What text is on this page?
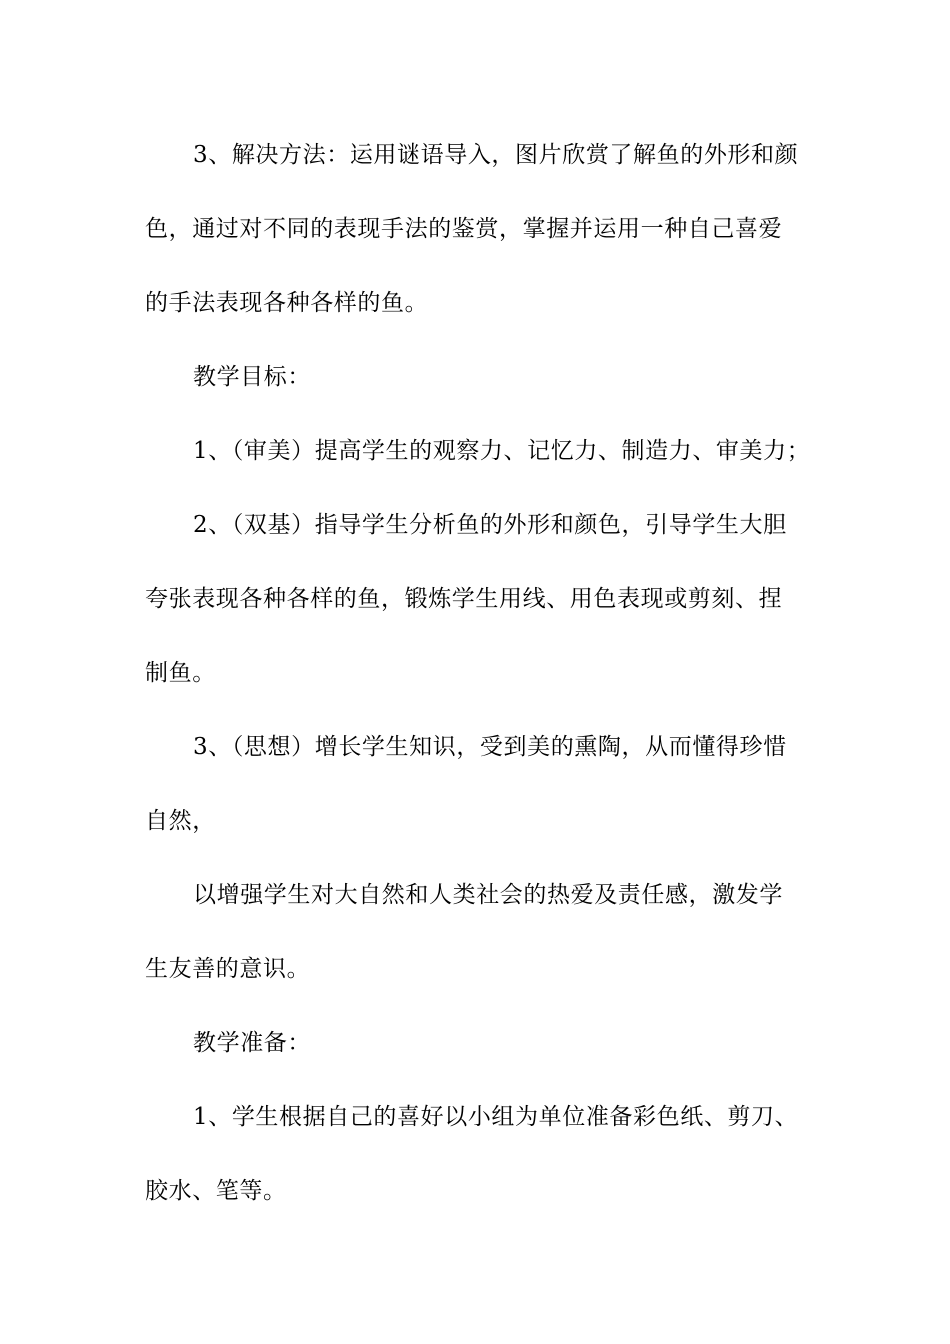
3、解决方法：运用谜语导入，图片欣赏了解鱼的外形和颜
色，通过对不同的表现手法的鉴赏，掌握并运用一种自己喜爱
的手法表现各种各样的鱼。
教学目标：
1、（审美）提高学生的观察力、记忆力、制造力、审美力；
2、（双基）指导学生分析鱼的外形和颜色，引导学生大胆
夸张表现各种各样的鱼，锻炼学生用线、用色表现或剪刻、捏
制鱼。
3、（思想）增长学生知识，受到美的熏陶，从而懂得珍惜
自然，
以增强学生对大自然和人类社会的热爱及责任感，激发学
生友善的意识。
教学准备：
1、学生根据自己的喜好以小组为单位准备彩色纸、剪刀、
胶水、笔等。
